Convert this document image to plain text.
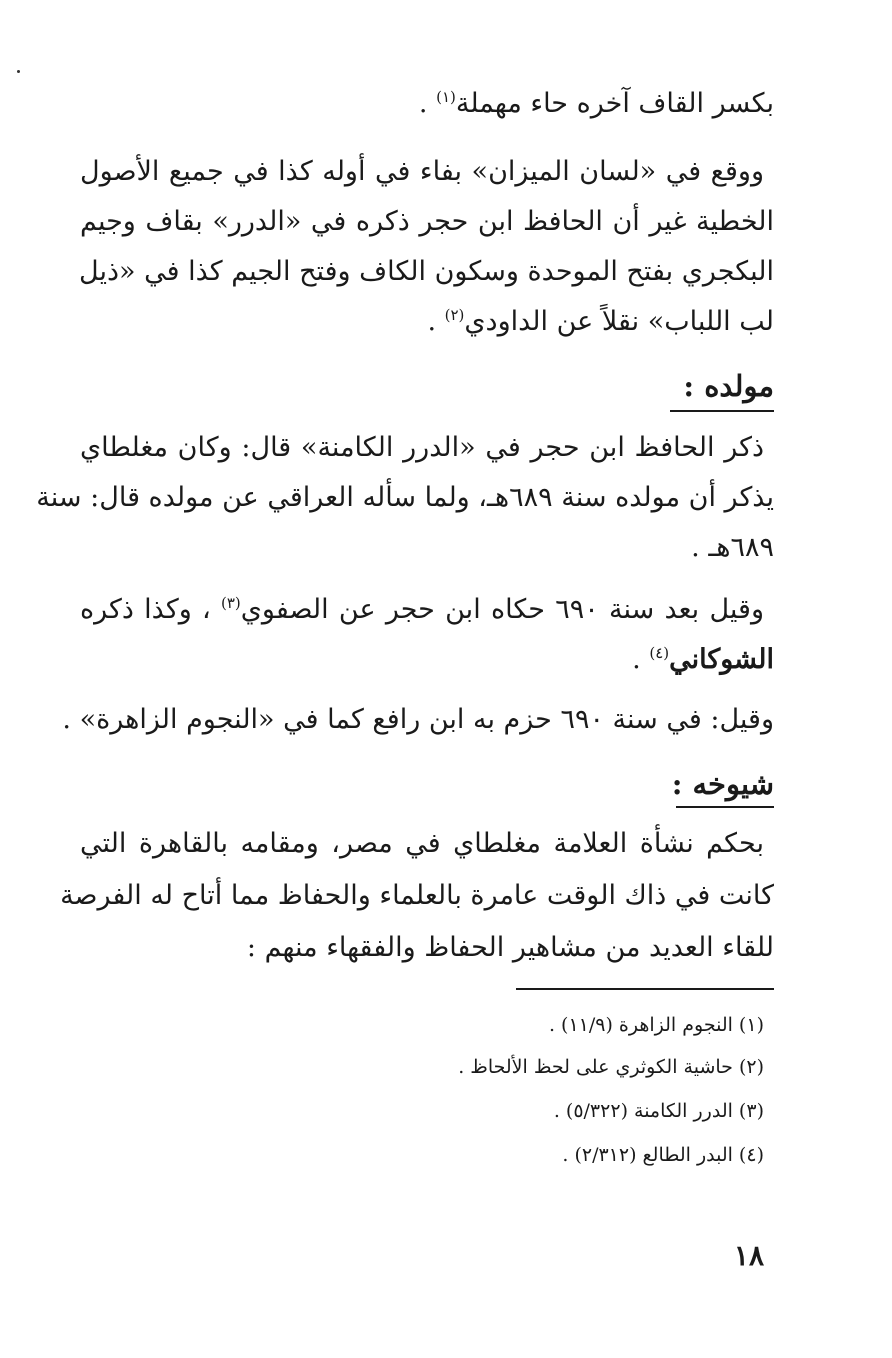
بكسر القاف آخره حاء مهملة$^{(١)}$ .
ووقع في «لسان الميزان» بفاء في أوله كذا في جميع الأصول
الخطية غير أن الحافظ ابن حجر ذكره في «الدرر» بقاف وجيم
البكجري بفتح الموحدة وسكون الكاف وفتح الجيم كذا في «ذيل
لب اللباب» نقلاً عن الداودي$^{(٢)}$ .
مولده :
ذكر الحافظ ابن حجر في «الدرر الكامنة» قال: وكان مغلطاي
يذكر أن مولده سنة ٦٨٩هـ، ولما سأله العراقي عن مولده قال: سنة
٦٨٩هـ .
وقيل بعد سنة ٦٩٠ حكاه ابن حجر عن الصفوي$^{(٣)}$ ، وكذا ذكره
الشوكاني$^{(٤)}$ .
وقيل: في سنة ٦٩٠ حزم به ابن رافع كما في «النجوم الزاهرة» .
شيوخه :
بحكم نشأة العلامة مغلطاي في مصر، ومقامه بالقاهرة التي
كانت في ذاك الوقت عامرة بالعلماء والحفاظ مما أتاح له الفرصة
للقاء العديد من مشاهير الحفاظ والفقهاء منهم :
(١) النجوم الزاهرة (١١/٩) .
(٢) حاشية الكوثري على لحظ الألحاظ .
(٣) الدرر الكامنة (٥/٣٢٢) .
(٤) البدر الطالع (٢/٣١٢) .
١٨
